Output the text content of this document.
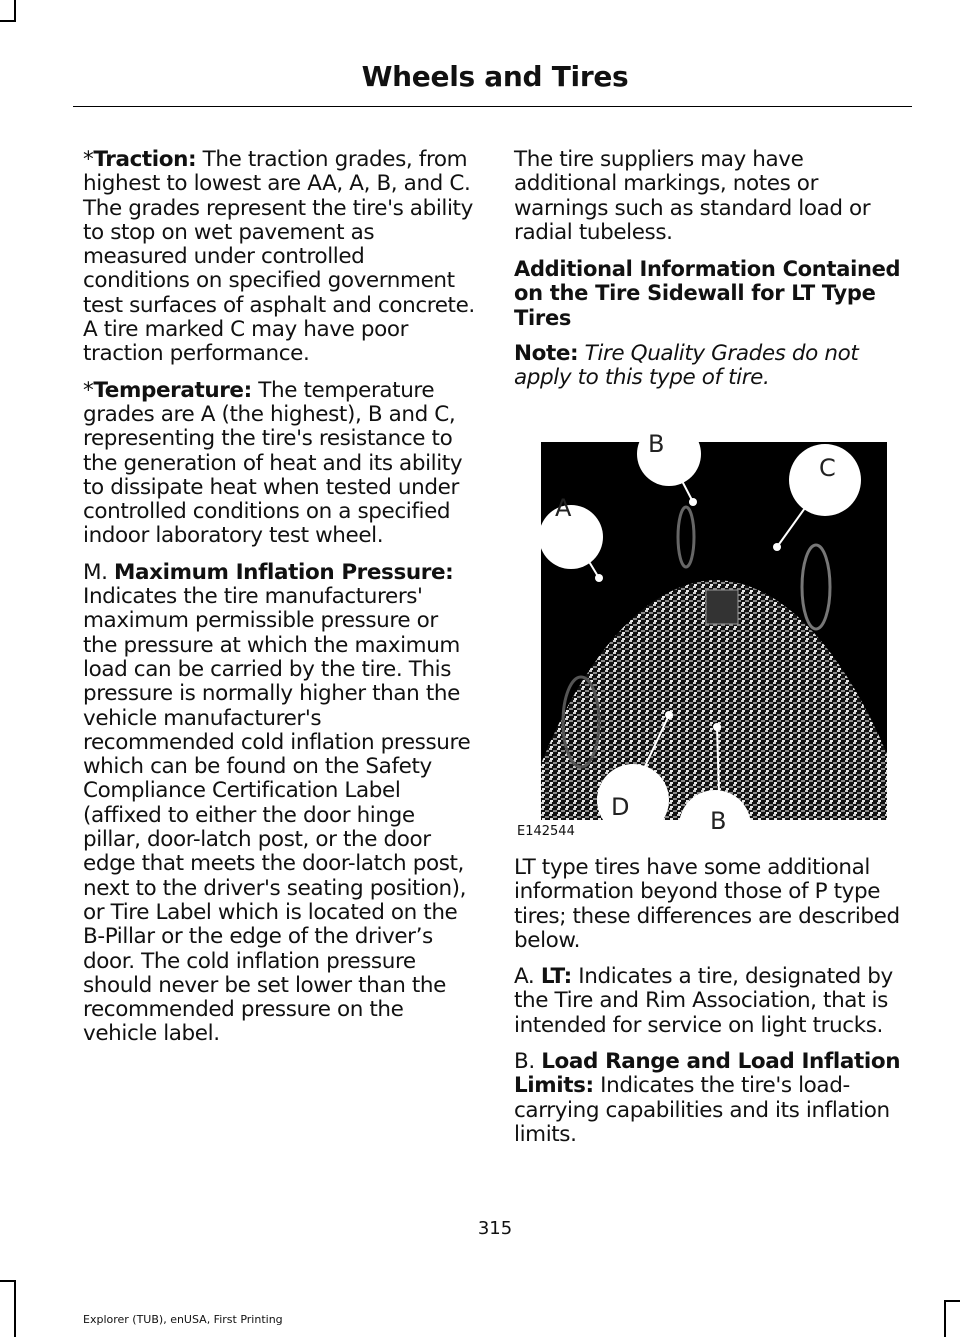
Wheels and Tires

*Traction: The traction grades, from highest to lowest are AA, A, B, and C. The grades represent the tire's ability to stop on wet pavement as measured under controlled conditions on specified government test surfaces of asphalt and concrete. A tire marked C may have poor traction performance.

*Temperature: The temperature grades are A (the highest), B and C, representing the tire's resistance to the generation of heat and its ability to dissipate heat when tested under controlled conditions on a specified indoor laboratory test wheel.

M. Maximum Inflation Pressure: Indicates the tire manufacturers' maximum permissible pressure or the pressure at which the maximum load can be carried by the tire. This pressure is normally higher than the vehicle manufacturer's recommended cold inflation pressure which can be found on the Safety Compliance Certification Label (affixed to either the door hinge pillar, door-latch post, or the door edge that meets the door-latch post, next to the driver's seating position), or Tire Label which is located on the B-Pillar or the edge of the driver’s door. The cold inflation pressure should never be set lower than the recommended pressure on the vehicle label.

The tire suppliers may have additional markings, notes or warnings such as standard load or radial tubeless.

Additional Information Contained on the Tire Sidewall for LT Type Tires

Note: Tire Quality Grades do not apply to this type of tire.

A
B
C
D	B
E142544

LT type tires have some additional information beyond those of P type tires; these differences are described below.

A. LT: Indicates a tire, designated by the Tire and Rim Association, that is intended for service on light trucks.

B. Load Range and Load Inflation Limits: Indicates the tire's load-carrying capabilities and its inflation limits.

315
Explorer (TUB), enUSA, First Printing
